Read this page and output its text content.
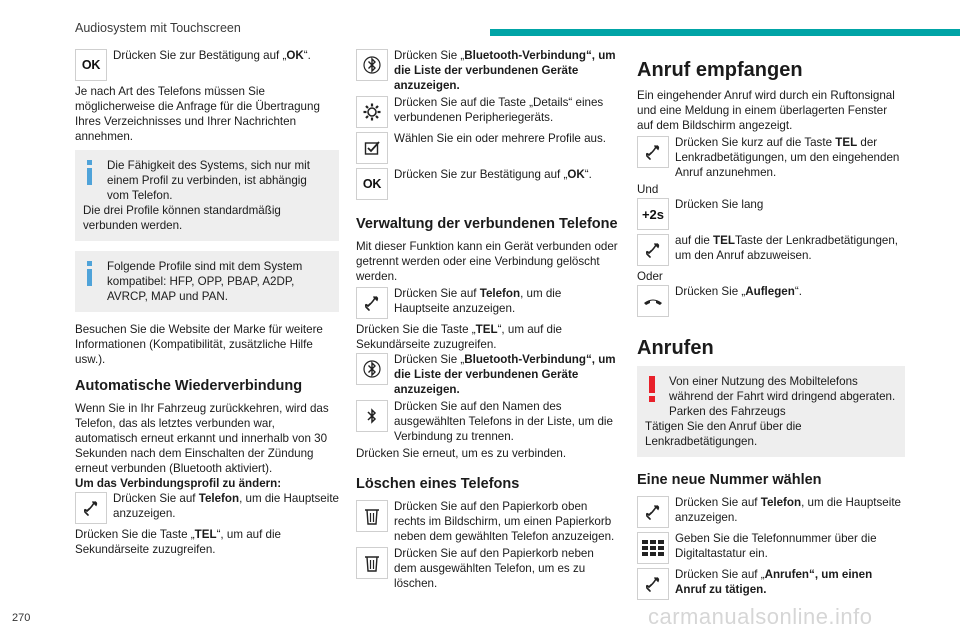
Audiosystem mit Touchscreen
OK
Drücken Sie zur Bestätigung auf „OK“.

Je nach Art des Telefons müssen Sie möglicherweise die Anfrage für die Übertragung Ihres Verzeichnisses und Ihrer Nachrichten annehmen.

Die Fähigkeit des Systems, sich nur mit einem Profil zu verbinden, ist abhängig vom Telefon.
Die drei Profile können standardmäßig verbunden werden.
Folgende Profile sind mit dem System kompatibel: HFP, OPP, PBAP, A2DP, AVRCP, MAP und PAN.

Besuchen Sie die Website der Marke für weitere Informationen (Kompatibilität, zusätzliche Hilfe usw.).

Automatische Wiederverbindung

Wenn Sie in Ihr Fahrzeug zurückkehren, wird das Telefon, das als letztes verbunden war, automatisch erneut erkannt und innerhalb von 30 Sekunden nach dem Einschalten der Zündung erneut verbunden (Bluetooth aktiviert).

Um das Verbindungsprofil zu ändern:
Drücken Sie auf Telefon, um die Hauptseite anzuzeigen.
Drücken Sie die Taste „TEL“, um auf die Sekundärseite zuzugreifen.
Drücken Sie „Bluetooth-Verbindung“, um die Liste der verbundenen Geräte anzuzeigen.
Drücken Sie auf die Taste „Details“ eines verbundenen Peripheriegeräts.
Wählen Sie ein oder mehrere Profile aus.
OK
Drücken Sie zur Bestätigung auf „OK“.
Verwaltung der verbundenen Telefone

Mit dieser Funktion kann ein Gerät verbunden oder getrennt werden oder eine Verbindung gelöscht werden.

Drücken Sie auf Telefon, um die Hauptseite anzuzeigen.
Drücken Sie die Taste „TEL“, um auf die Sekundärseite zuzugreifen.
Drücken Sie „Bluetooth-Verbindung“, um die Liste der verbundenen Geräte anzuzeigen.
Drücken Sie auf den Namen des ausgewählten Telefons in der Liste, um die Verbindung zu trennen.
Drücken Sie erneut, um es zu verbinden.
Löschen eines Telefons
Drücken Sie auf den Papierkorb oben rechts im Bildschirm, um einen Papierkorb neben dem gewählten Telefon anzuzeigen.
Drücken Sie auf den Papierkorb neben dem ausgewählten Telefon, um es zu löschen.
Anruf empfangen

Ein eingehender Anruf wird durch ein Ruftonsignal und eine Meldung in einem überlagerten Fenster auf dem Bildschirm angezeigt.

Drücken Sie kurz auf die Taste TEL der Lenkradbetätigungen, um den eingehenden Anruf anzunehmen.
Und
+2s
Drücken Sie lang
auf die TELTaste der Lenkradbetätigungen, um den Anruf abzuweisen.
Oder
Drücken Sie „Auflegen“.
Anrufen
Von einer Nutzung des Mobiltelefons während der Fahrt wird dringend abgeraten.
Parken des Fahrzeugs
Tätigen Sie den Anruf über die Lenkradbetätigungen.
Eine neue Nummer wählen
Drücken Sie auf Telefon, um die Hauptseite anzuzeigen.
Geben Sie die Telefonnummer über die Digitaltastatur ein.
Drücken Sie auf „Anrufen“, um einen Anruf zu tätigen.
270	carmanualsonline.info
